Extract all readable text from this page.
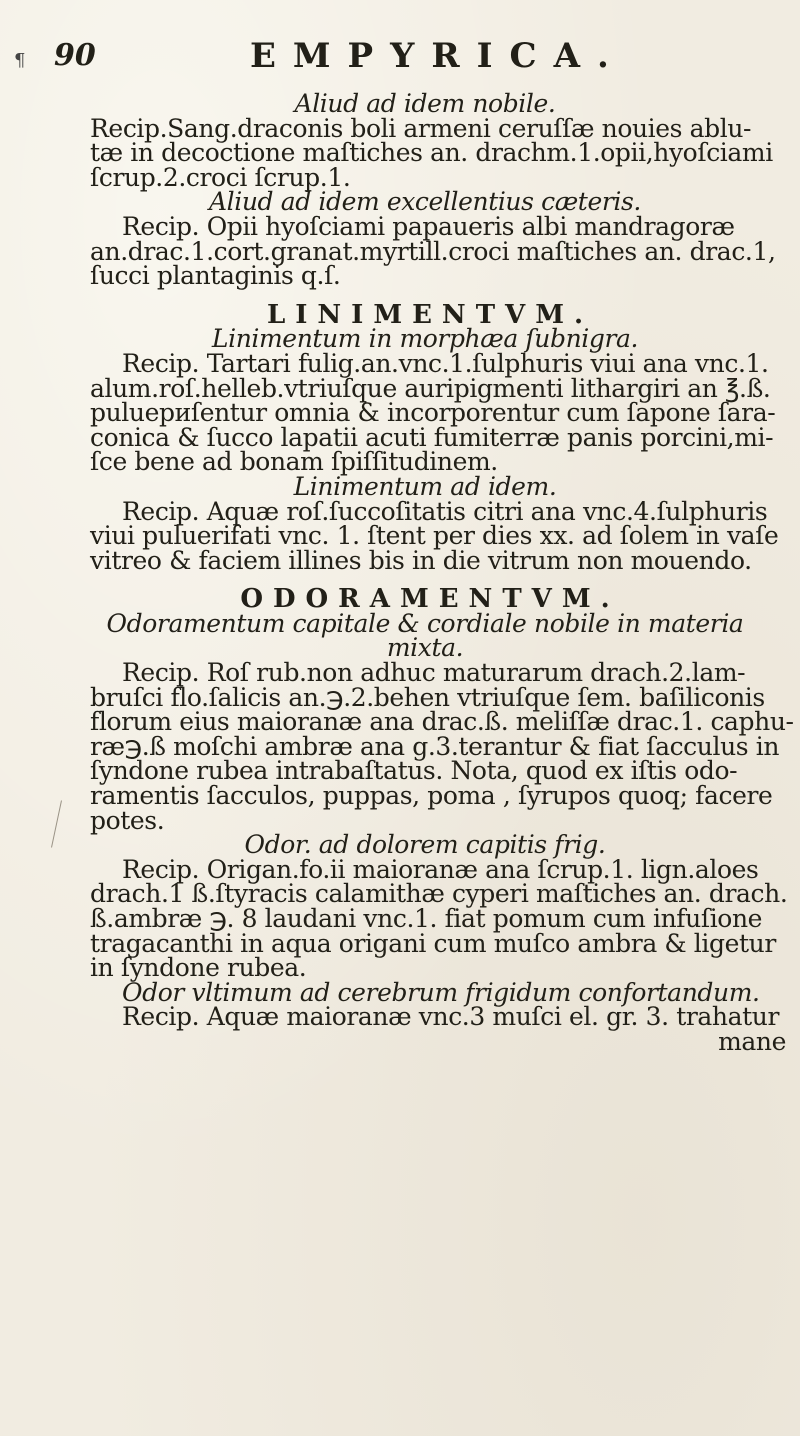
¶ 90	EMPYRICA.
Aliud ad idem nobile.
Recip.Sang.draconis boli armeni ceruſſæ nouies ablu-
tæ in decoctione maſtiches an. drachm.1.opii,hyoſciami
ſcrup.2.croci ſcrup.1.
Aliud ad idem excellentius cæteris.
Recip. Opii hyoſciami papaueris albi mandragoræ
an.drac.1.cort.granat.myrtill.croci maſtiches an. drac.1,
ſucci plantaginis q.ſ.
LINIMENTVM.
Linimentum in morphæa ſubnigra.
Recip. Tartari fulig.an.vnc.1.ſulphuris viui ana vnc.1.
alum.roſ.helleb.vtriuſque auripigmenti lithargiri an ℥.ß.
puluериſentur omnia & incorporentur cum ſapone ſara-
conica & ſucco lapatii acuti fumiterræ panis porcini,mi-
ſce bene ad bonam ſpiſſitudinem.
Linimentum ad idem.
Recip. Aquæ roſ.ſuccoſitatis citri ana vnc.4.ſulphuris
viui puluerifati vnc. 1. ſtent per dies xx. ad ſolem in vaſe
vitreo & faciem illines bis in die vitrum non mouendo.
ODORAMENTVM.
Odoramentum capitale & cordiale nobile in materia
mixta.
Recip. Roſ rub.non adhuc maturarum drach.2.lam-
bruſci flo.ſalicis an.℈.2.behen vtriuſque ſem. baſiliconis
florum eius maioranæ ana drac.ß. meliſſæ drac.1. caphu-
ræ℈.ß moſchi ambræ ana g.3.terantur & fiat ſacculus in
ſyndone rubea intrabaſtatus. Nota, quod ex iſtis odo-
ramentis ſacculos, puppas, poma , ſyrupos quoq; facere
potes.
Odor. ad dolorem capitis frig.
Recip. Origan.fo.ii maioranæ ana ſcrup.1. lign.aloes
drach.1 ß.ſtyracis calamithæ cyperi maſtiches an. drach.
ß.ambræ ℈. 8 laudani vnc.1. fiat pomum cum infuſione
tragacanthi in aqua origani cum muſco ambra & ligetur
in ſyndone rubea.
Odor vltimum ad cerebrum frigidum confortandum.
Recip. Aquæ maioranæ vnc.3 muſci el. gr. 3. trahatur
mane
